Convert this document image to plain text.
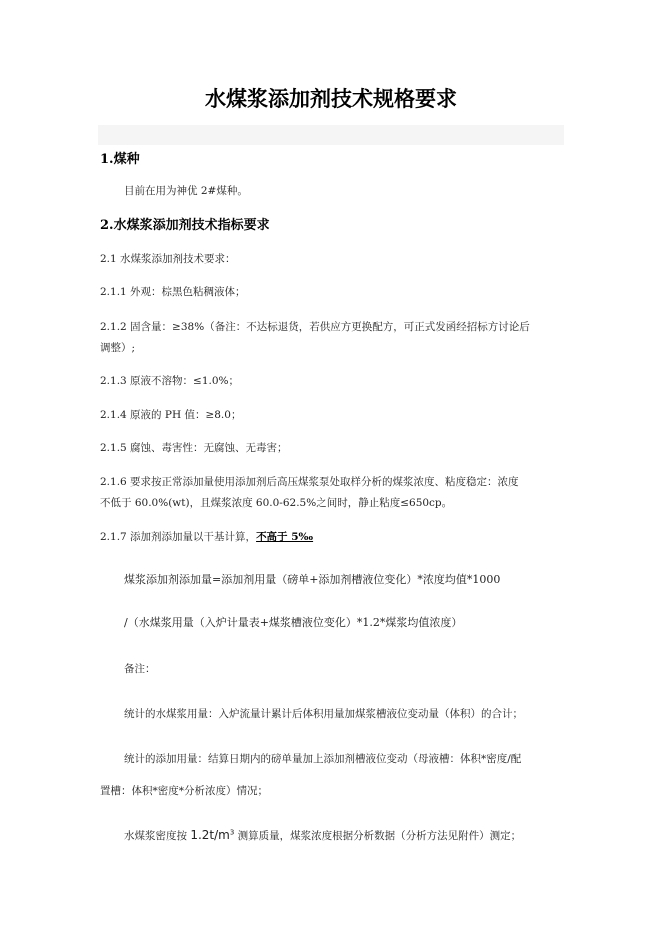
水煤浆添加剂技术规格要求
1.煤种
目前在用为神优 2#煤种。
2.水煤浆添加剂技术指标要求
2.1 水煤浆添加剂技术要求：
2.1.1 外观：棕黑色粘稠液体；
2.1.2 固含量：≥38%（备注：不达标退货，若供应方更换配方，可正式发函经招标方讨论后
调整）;
2.1.3 原液不溶物：≤1.0%；
2.1.4 原液的 PH 值：≥8.0；
2.1.5 腐蚀、毒害性：无腐蚀、无毒害；
2.1.6 要求按正常添加量使用添加剂后高压煤浆泵处取样分析的煤浆浓度、粘度稳定：浓度
不低于 60.0%(wt)，且煤浆浓度 60.0-62.5%之间时，静止粘度≤650cp。
2.1.7 添加剂添加量以干基计算，不高于 5‰
煤浆添加剂添加量=添加剂用量（磅单+添加剂槽液位变化）*浓度均值*1000
/（水煤浆用量（入炉计量表+煤浆槽液位变化）*1.2*煤浆均值浓度）
备注：
统计的水煤浆用量：入炉流量计累计后体积用量加煤浆槽液位变动量（体积）的合计；
统计的添加用量：结算日期内的磅单量加上添加剂槽液位变动（母液槽：体积*密度/配
置槽：体积*密度*分析浓度）情况；
水煤浆密度按 $1.2t/m^3$ 测算质量，煤浆浓度根据分析数据（分析方法见附件）测定；
